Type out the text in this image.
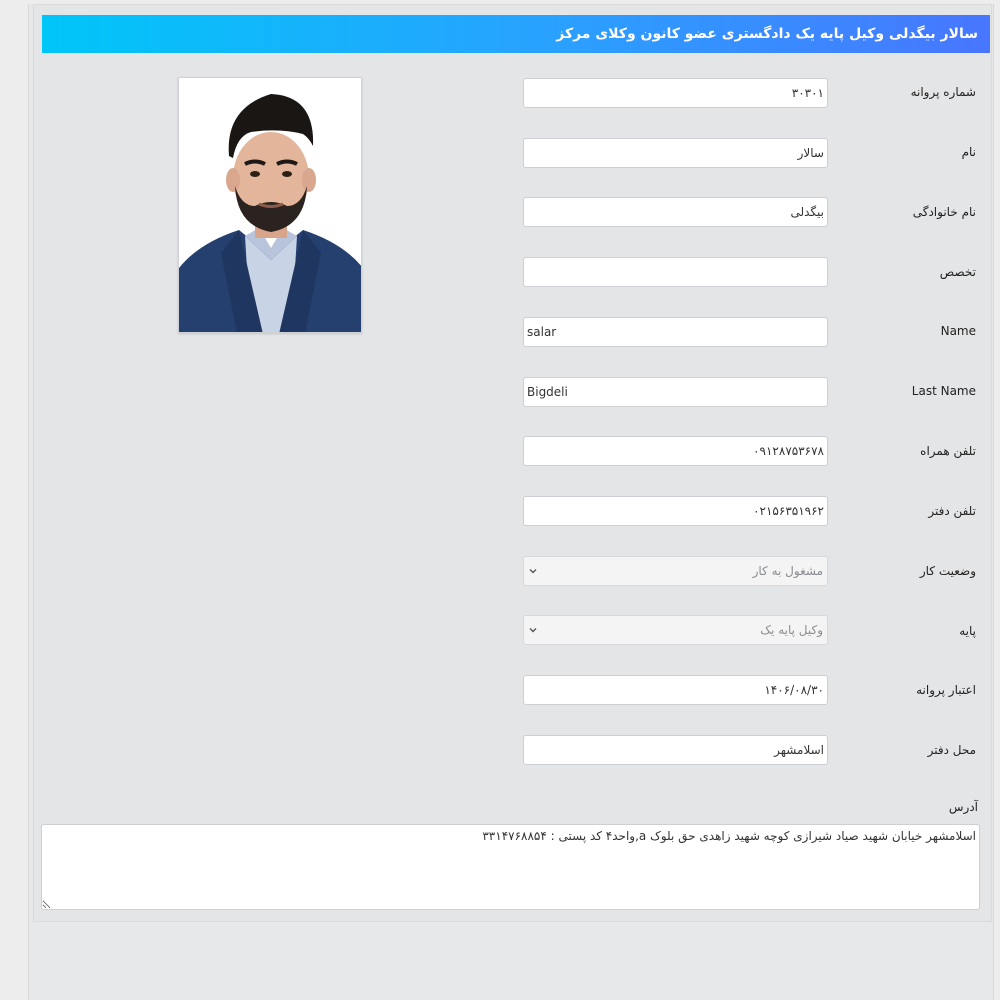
سالار بیگدلی وکیل پایه یک دادگستری عضو کانون وکلای مرکز
شماره پروانه
۳۰۳۰۱
نام
سالار
نام خانوادگی
بیگدلی
تخصص
Name
salar
Last Name
Bigdeli
تلفن همراه
۰۹۱۲۸۷۵۳۶۷۸
تلفن دفتر
۰۲۱۵۶۳۵۱۹۶۲
وضعیت کار
مشغول به کار
پایه
وکیل پایه یک
اعتبار پروانه
۱۴۰۶/۰۸/۳۰
محل دفتر
اسلامشهر
آدرس
اسلامشهر خیابان شهید صیاد شیرازی کوچه شهید زاهدی حق بلوک a,واحد۴ کد پستی : ۳۳۱۴۷۶۸۸۵۴
